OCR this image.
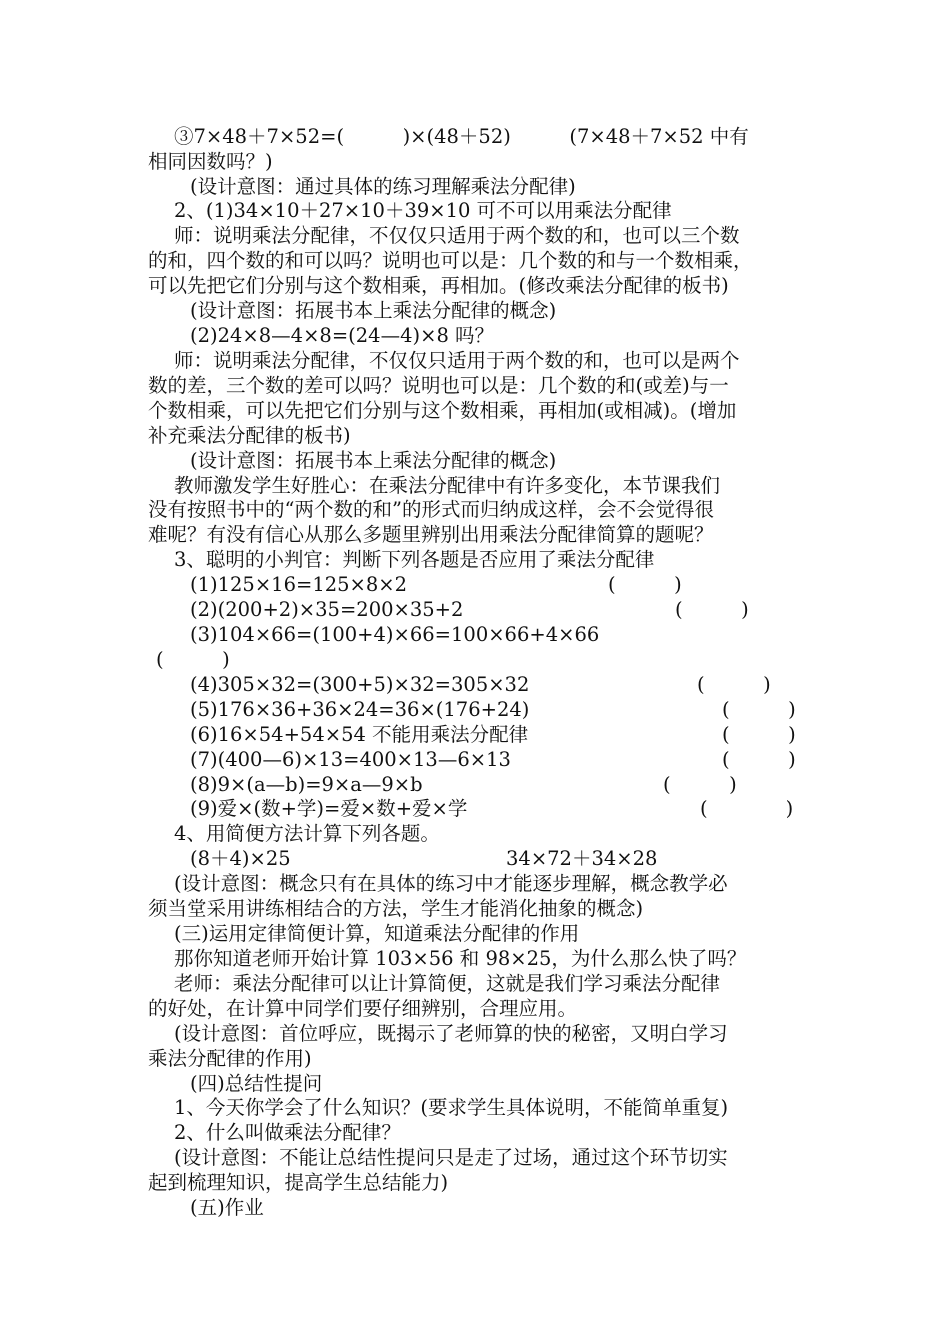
③7×48＋7×52=(　　　)×(48＋52)　　　(7×48＋7×52 中有

相同因数吗？)

(设计意图：通过具体的练习理解乘法分配律)

2、(1)34×10＋27×10＋39×10 可不可以用乘法分配律

师：说明乘法分配律，不仅仅只适用于两个数的和，也可以三个数

的和，四个数的和可以吗？说明也可以是：几个数的和与一个数相乘，

可以先把它们分别与这个数相乘，再相加。(修改乘法分配律的板书)

(设计意图：拓展书本上乘法分配律的概念)

(2)24×8—4×8=(24—4)×8 吗？

师：说明乘法分配律，不仅仅只适用于两个数的和，也可以是两个

数的差，三个数的差可以吗？说明也可以是：几个数的和(或差)与一

个数相乘，可以先把它们分别与这个数相乘，再相加(或相减)。(增加

补充乘法分配律的板书)

(设计意图：拓展书本上乘法分配律的概念)

教师激发学生好胜心：在乘法分配律中有许多变化，本节课我们

没有按照书中的“两个数的和”的形式而归纳成这样，会不会觉得很

难呢？有没有信心从那么多题里辨别出用乘法分配律简算的题呢？

3、聪明的小判官：判断下列各题是否应用了乘法分配律

(1)125×16=125×8×2	(　　　)

(2)(200+2)×35=200×35+2	(　　　)

(3)104×66=(100+4)×66=100×66+4×66

(　　　)

(4)305×32=(300+5)×32=305×32	(　　　)

(5)176×36+36×24=36×(176+24)	(　　　)

(6)16×54+54×54 不能用乘法分配律	(　　　)

(7)(400—6)×13=400×13—6×13	(　　　)

(8)9×(a—b)=9×a—9×b	(　　　)

(9)爱×(数+学)=爱×数+爱×学	(　　　　)

4、用简便方法计算下列各题。

(8＋4)×25	34×72＋34×28

(设计意图：概念只有在具体的练习中才能逐步理解，概念教学必

须当堂采用讲练相结合的方法，学生才能消化抽象的概念)

(三)运用定律简便计算，知道乘法分配律的作用

那你知道老师开始计算 103×56 和 98×25，为什么那么快了吗？

老师：乘法分配律可以让计算简便，这就是我们学习乘法分配律

的好处，在计算中同学们要仔细辨别，合理应用。

(设计意图：首位呼应，既揭示了老师算的快的秘密，又明白学习

乘法分配律的作用)

(四)总结性提问

1、今天你学会了什么知识？(要求学生具体说明，不能简单重复)

2、什么叫做乘法分配律？

(设计意图：不能让总结性提问只是走了过场，通过这个环节切实

起到梳理知识，提高学生总结能力)

(五)作业
